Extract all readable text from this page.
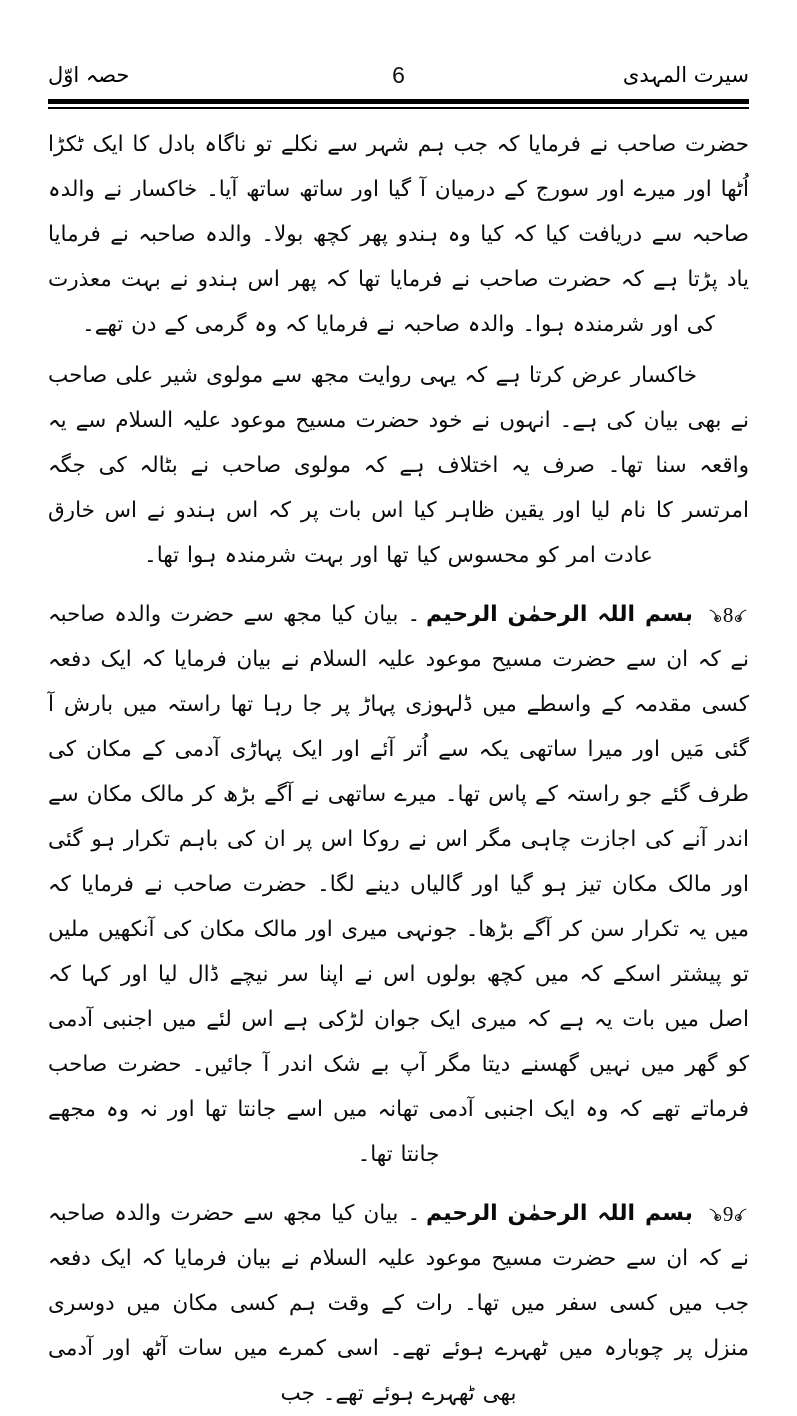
سیرت المہدی
6
حصہ اوّل

حضرت صاحب نے فرمایا کہ جب ہم شہر سے نکلے تو ناگاہ بادل کا ایک ٹکڑا اُٹھا اور میرے اور سورج کے درمیان آ گیا اور ساتھ ساتھ آیا۔ خاکسار نے والدہ صاحبہ سے دریافت کیا کہ کیا وہ ہندو پھر کچھ بولا۔ والدہ صاحبہ نے فرمایا یاد پڑتا ہے کہ حضرت صاحب نے فرمایا تھا کہ پھر اس ہندو نے بہت معذرت کی اور شرمندہ ہوا۔ والدہ صاحبہ نے فرمایا کہ وہ گرمی کے دن تھے۔

خاکسار عرض کرتا ہے کہ یہی روایت مجھ سے مولوی شیر علی صاحب نے بھی بیان کی ہے۔ انہوں نے خود حضرت مسیح موعود علیہ السلام سے یہ واقعہ سنا تھا۔ صرف یہ اختلاف ہے کہ مولوی صاحب نے بٹالہ کی جگہ امرتسر کا نام لیا اور یقین ظاہر کیا اس بات پر کہ اس ہندو نے اس خارق عادت امر کو محسوس کیا تھا اور بہت شرمندہ ہوا تھا۔

8
بسم اللہ الرحمٰن الرحیم۔ بیان کیا مجھ سے حضرت والدہ صاحبہ نے کہ ان سے حضرت مسیح موعود علیہ السلام نے بیان فرمایا کہ ایک دفعہ کسی مقدمہ کے واسطے میں ڈلہوزی پہاڑ پر جا رہا تھا راستہ میں بارش آ گئی مَیں اور میرا ساتھی یکہ سے اُتر آئے اور ایک پہاڑی آدمی کے مکان کی طرف گئے جو راستہ کے پاس تھا۔ میرے ساتھی نے آگے بڑھ کر مالک مکان سے اندر آنے کی اجازت چاہی مگر اس نے روکا اس پر ان کی باہم تکرار ہو گئی اور مالک مکان تیز ہو گیا اور گالیاں دینے لگا۔ حضرت صاحب نے فرمایا کہ میں یہ تکرار سن کر آگے بڑھا۔ جونہی میری اور مالک مکان کی آنکھیں ملیں تو پیشتر اسکے کہ میں کچھ بولوں اس نے اپنا سر نیچے ڈال لیا اور کہا کہ اصل میں بات یہ ہے کہ میری ایک جوان لڑکی ہے اس لئے میں اجنبی آدمی کو گھر میں نہیں گھسنے دیتا مگر آپ بے شک اندر آ جائیں۔ حضرت صاحب فرماتے تھے کہ وہ ایک اجنبی آدمی تھانہ میں اسے جانتا تھا اور نہ وہ مجھے جانتا تھا۔

9
بسم اللہ الرحمٰن الرحیم۔ بیان کیا مجھ سے حضرت والدہ صاحبہ نے کہ ان سے حضرت مسیح موعود علیہ السلام نے بیان فرمایا کہ ایک دفعہ جب میں کسی سفر میں تھا۔ رات کے وقت ہم کسی مکان میں دوسری منزل پر چوبارہ میں ٹھہرے ہوئے تھے۔ اسی کمرے میں سات آٹھ اور آدمی بھی ٹھہرے ہوئے تھے۔ جب
